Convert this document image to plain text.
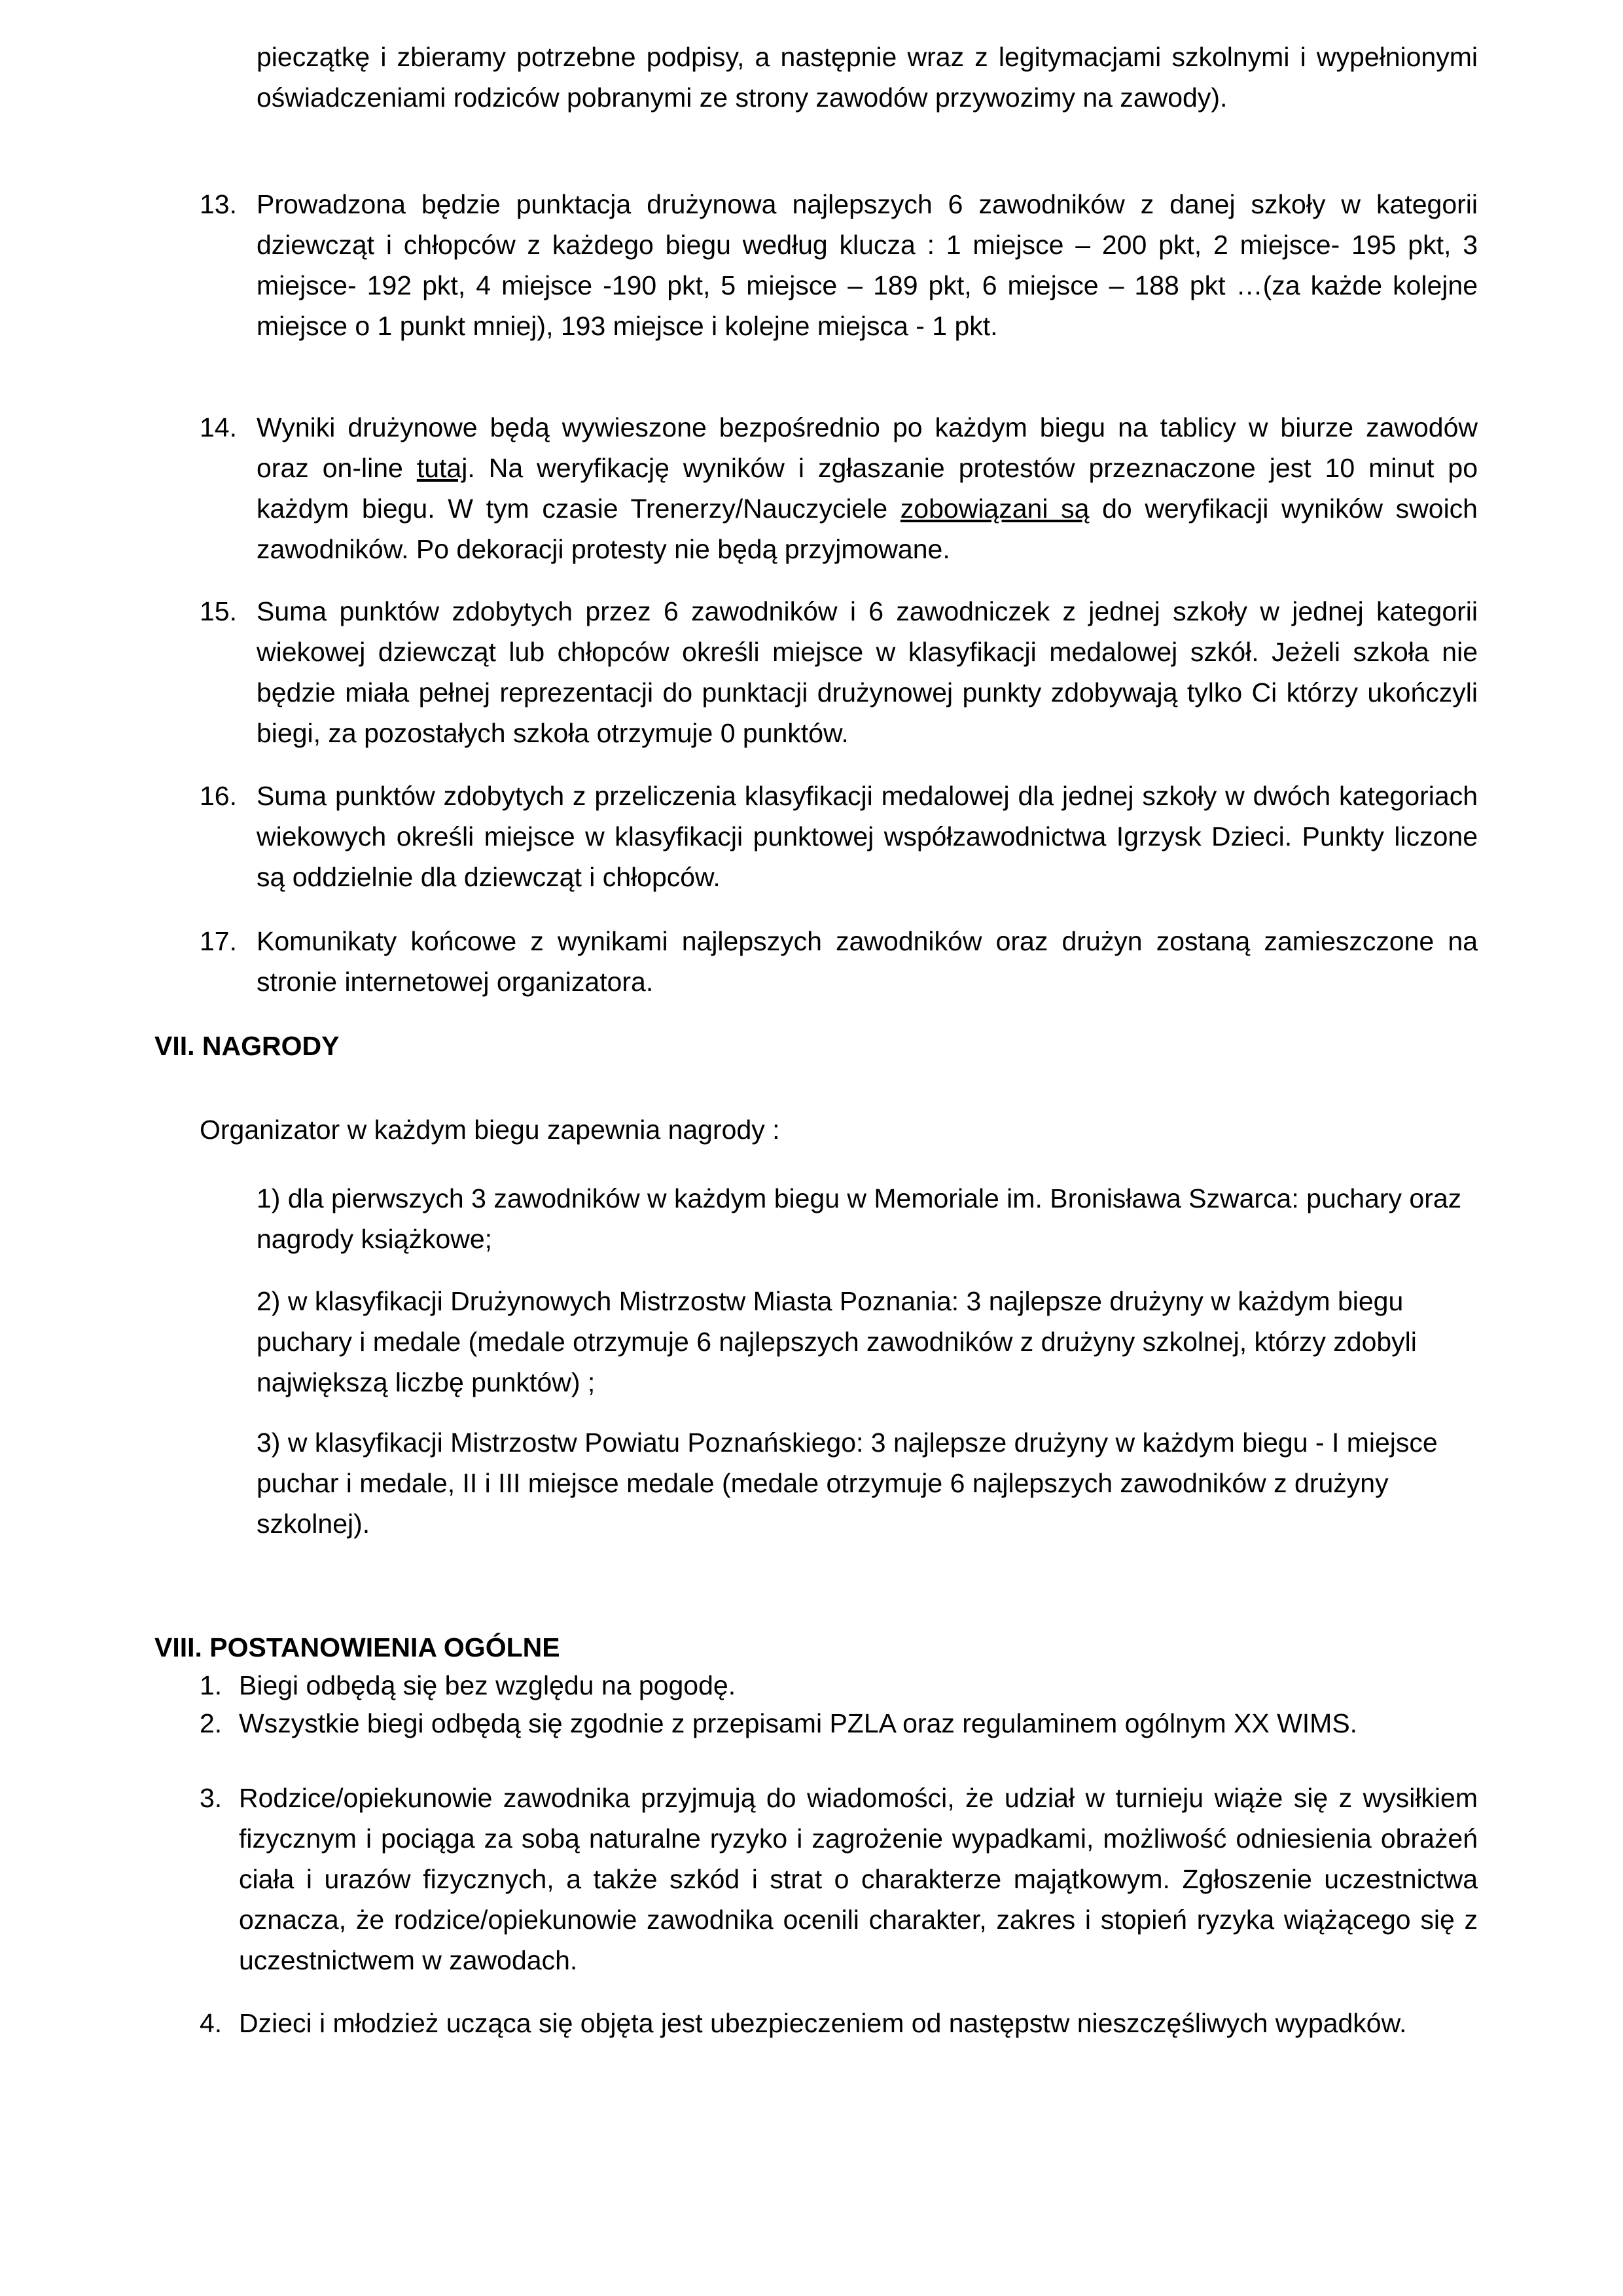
pieczątkę i zbieramy potrzebne podpisy, a następnie wraz z legitymacjami szkolnymi i wypełnionymi oświadczeniami rodziców pobranymi ze strony zawodów przywozimy na zawody).
13. Prowadzona będzie punktacja drużynowa najlepszych 6 zawodników z danej szkoły w kategorii dziewcząt i chłopców z każdego biegu według klucza : 1 miejsce – 200 pkt, 2 miejsce- 195 pkt, 3 miejsce- 192 pkt, 4 miejsce -190 pkt, 5 miejsce – 189 pkt, 6 miejsce – 188 pkt …(za każde kolejne miejsce o 1 punkt mniej), 193 miejsce i kolejne miejsca - 1 pkt.
14. Wyniki drużynowe będą wywieszone bezpośrednio po każdym biegu na tablicy w biurze zawodów oraz on-line tutaj. Na weryfikację wyników i zgłaszanie protestów przeznaczone jest 10 minut po każdym biegu. W tym czasie Trenerzy/Nauczyciele zobowiązani są do weryfikacji wyników swoich zawodników. Po dekoracji protesty nie będą przyjmowane.
15. Suma punktów zdobytych przez 6 zawodników i 6 zawodniczek z jednej szkoły w jednej kategorii wiekowej dziewcząt lub chłopców określi miejsce w klasyfikacji medalowej szkół. Jeżeli szkoła nie będzie miała pełnej reprezentacji do punktacji drużynowej punkty zdobywają tylko Ci którzy ukończyli biegi, za pozostałych szkoła otrzymuje 0 punktów.
16. Suma punktów zdobytych z przeliczenia klasyfikacji medalowej dla jednej szkoły w dwóch kategoriach wiekowych określi miejsce w klasyfikacji punktowej współzawodnictwa Igrzysk Dzieci. Punkty liczone są oddzielnie dla dziewcząt i chłopców.
17. Komunikaty końcowe z wynikami najlepszych zawodników oraz drużyn zostaną zamieszczone na stronie internetowej organizatora.
VII. NAGRODY
Organizator w każdym biegu zapewnia nagrody :
1) dla pierwszych 3 zawodników w każdym biegu w Memoriale im. Bronisława Szwarca: puchary oraz nagrody książkowe;
2) w klasyfikacji Drużynowych Mistrzostw Miasta Poznania: 3 najlepsze drużyny w każdym biegu puchary i medale (medale otrzymuje 6 najlepszych zawodników z drużyny szkolnej, którzy zdobyli największą liczbę punktów) ;
3) w klasyfikacji Mistrzostw Powiatu Poznańskiego: 3 najlepsze drużyny w każdym biegu - I miejsce puchar i medale, II i III miejsce medale (medale otrzymuje 6 najlepszych zawodników z drużyny szkolnej).
VIII. POSTANOWIENIA OGÓLNE
1. Biegi odbędą się bez względu na pogodę.
2. Wszystkie biegi odbędą się zgodnie z przepisami PZLA oraz regulaminem ogólnym XX WIMS.
3. Rodzice/opiekunowie zawodnika przyjmują do wiadomości, że udział w turnieju wiąże się z wysiłkiem fizycznym i pociąga za sobą naturalne ryzyko i zagrożenie wypadkami, możliwość odniesienia obrażeń ciała i urazów fizycznych, a także szkód i strat o charakterze majątkowym. Zgłoszenie uczestnictwa oznacza, że rodzice/opiekunowie zawodnika ocenili charakter, zakres i stopień ryzyka wiążącego się z uczestnictwem w zawodach.
4. Dzieci i młodzież ucząca się objęta jest ubezpieczeniem od następstw nieszczęśliwych wypadków.
